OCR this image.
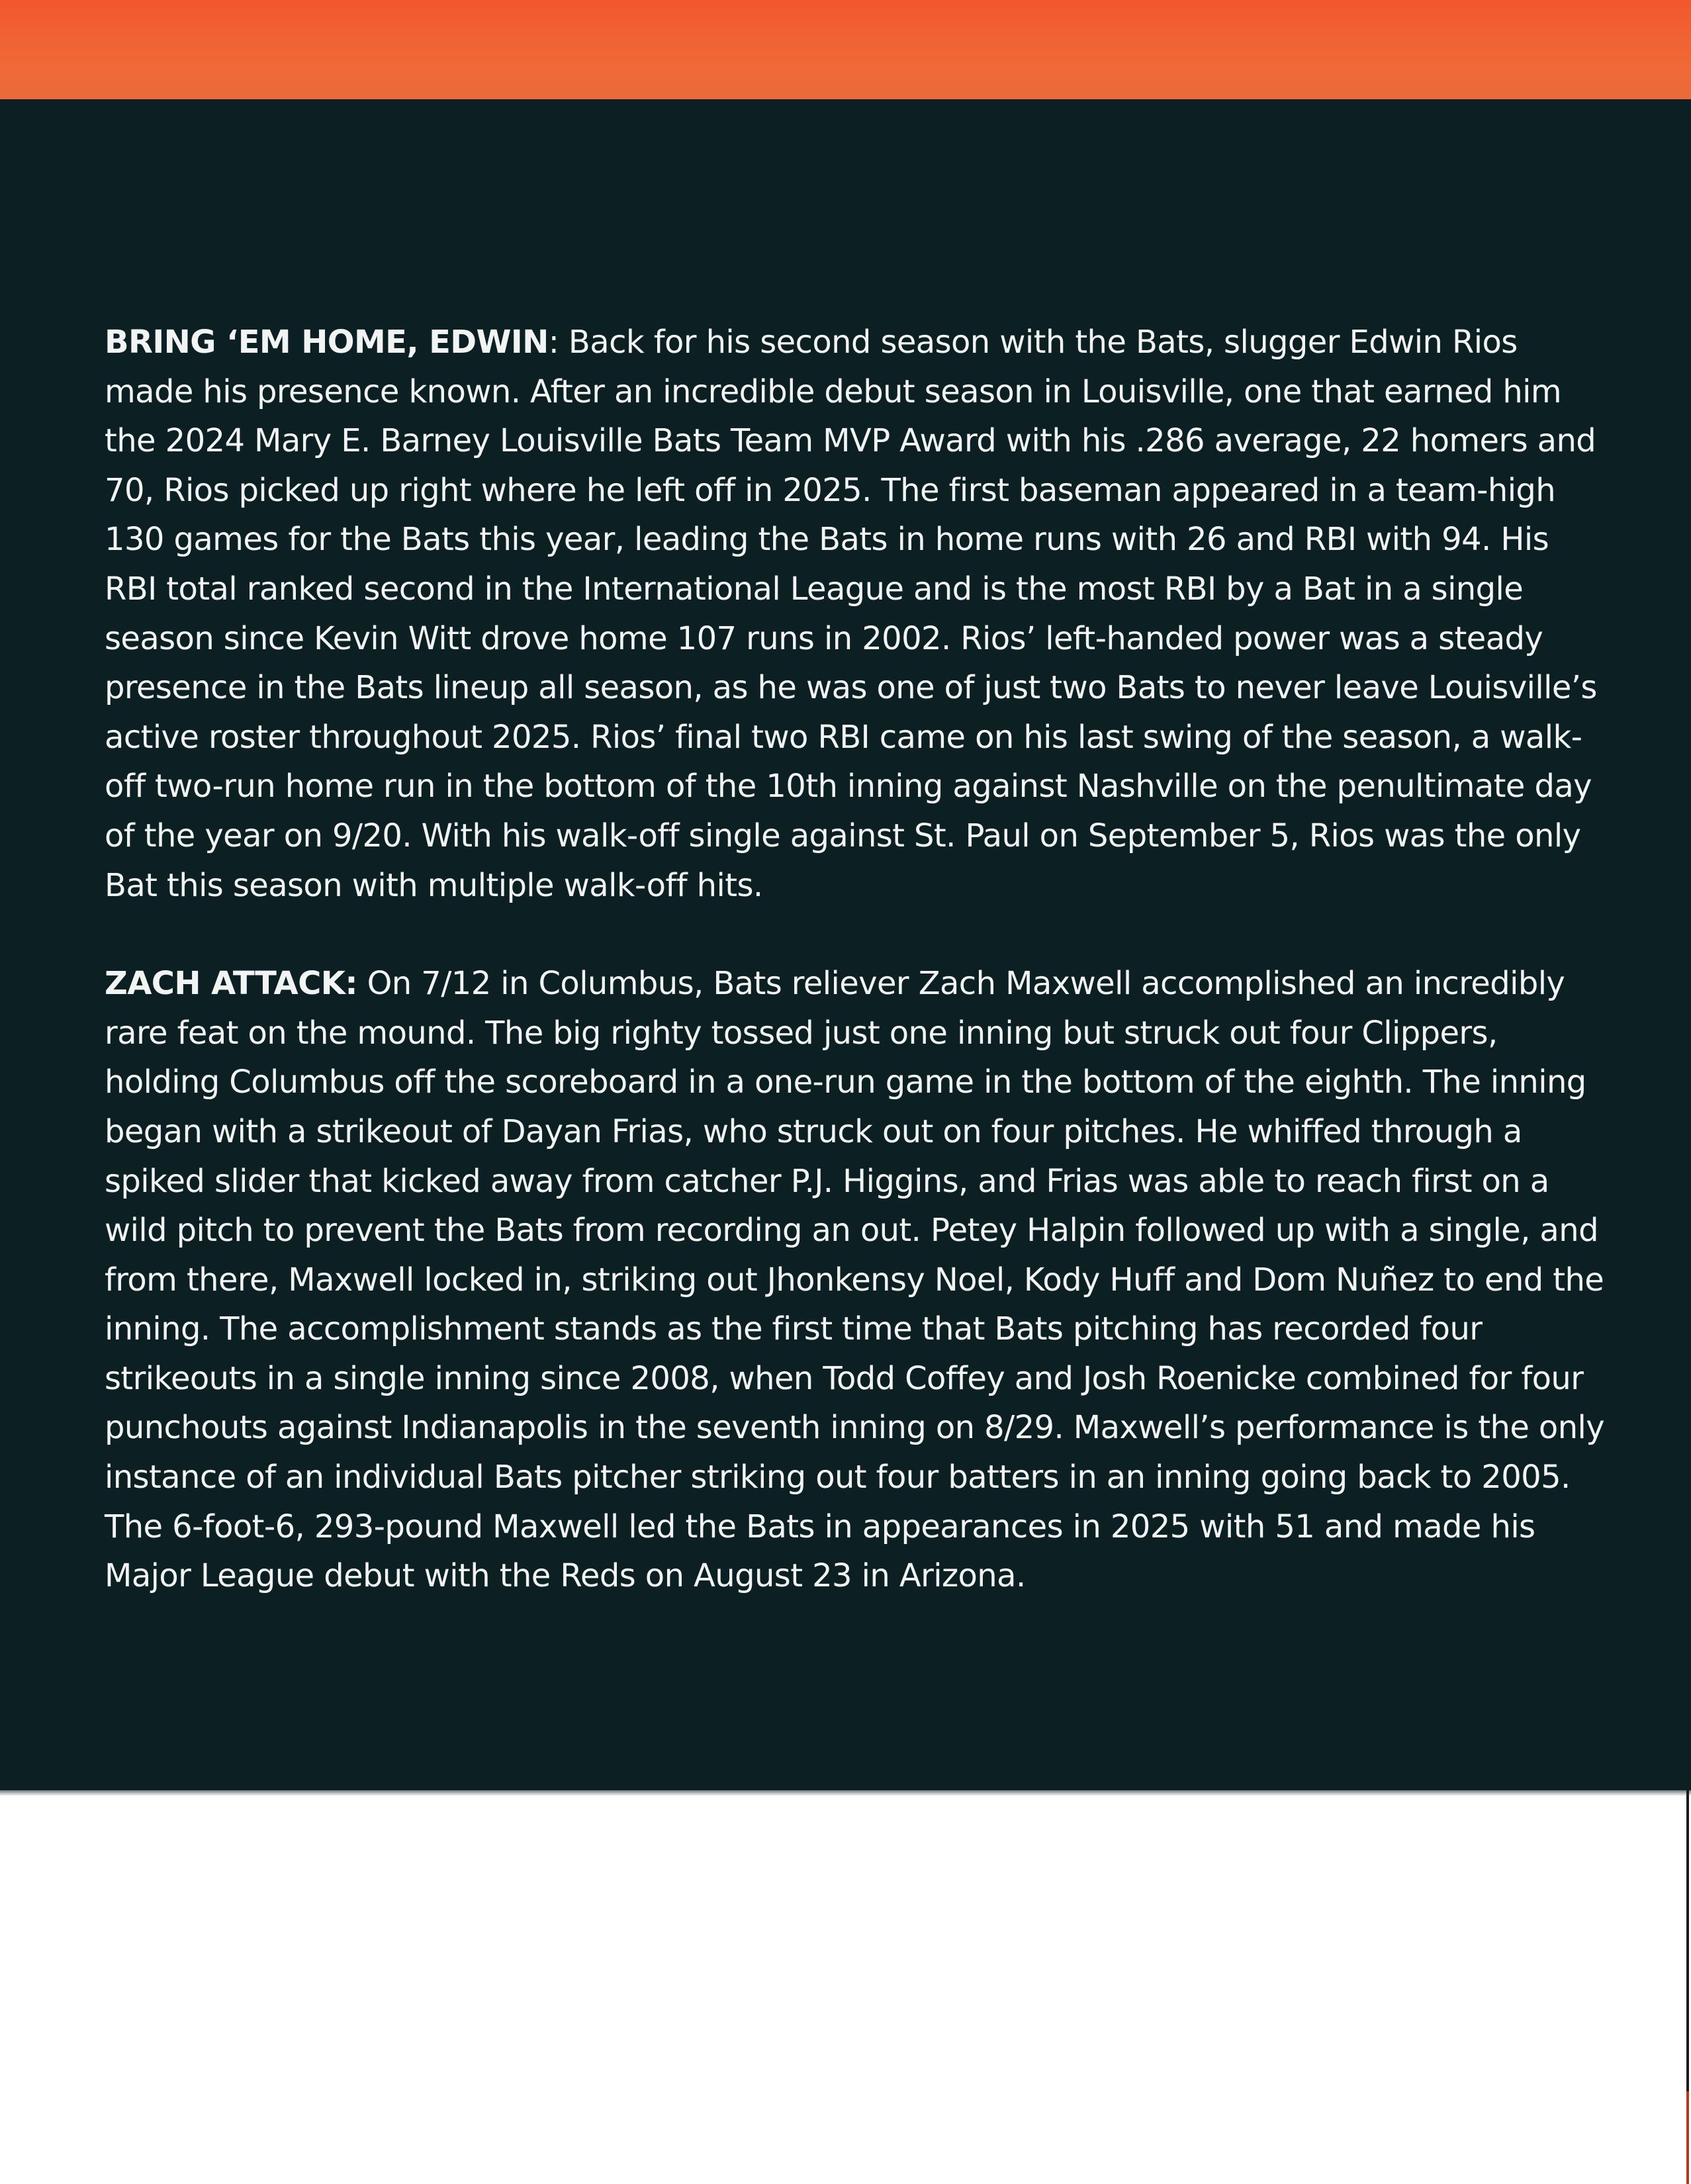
BRING ‘EM HOME, EDWIN: Back for his second season with the Bats, slugger Edwin Rios made his presence known. After an incredible debut season in Louisville, one that earned him the 2024 Mary E. Barney Louisville Bats Team MVP Award with his .286 average, 22 homers and 70, Rios picked up right where he left off in 2025. The first baseman appeared in a team-high 130 games for the Bats this year, leading the Bats in home runs with 26 and RBI with 94. His RBI total ranked second in the International League and is the most RBI by a Bat in a single season since Kevin Witt drove home 107 runs in 2002. Rios’ left-handed power was a steady presence in the Bats lineup all season, as he was one of just two Bats to never leave Louisville’s active roster throughout 2025. Rios’ final two RBI came on his last swing of the season, a walk-off two-run home run in the bottom of the 10th inning against Nashville on the penultimate day of the year on 9/20. With his walk-off single against St. Paul on September 5, Rios was the only Bat this season with multiple walk-off hits.

ZACH ATTACK: On 7/12 in Columbus, Bats reliever Zach Maxwell accomplished an incredibly rare feat on the mound. The big righty tossed just one inning but struck out four Clippers, holding Columbus off the scoreboard in a one-run game in the bottom of the eighth. The inning began with a strikeout of Dayan Frias, who struck out on four pitches. He whiffed through a spiked slider that kicked away from catcher P.J. Higgins, and Frias was able to reach first on a wild pitch to prevent the Bats from recording an out. Petey Halpin followed up with a single, and from there, Maxwell locked in, striking out Jhonkensy Noel, Kody Huff and Dom Nuñez to end the inning. The accomplishment stands as the first time that Bats pitching has recorded four strikeouts in a single inning since 2008, when Todd Coffey and Josh Roenicke combined for four punchouts against Indianapolis in the seventh inning on 8/29. Maxwell’s performance is the only instance of an individual Bats pitcher striking out four batters in an inning going back to 2005. The 6-foot-6, 293-pound Maxwell led the Bats in appearances in 2025 with 51 and made his Major League debut with the Reds on August 23 in Arizona.
